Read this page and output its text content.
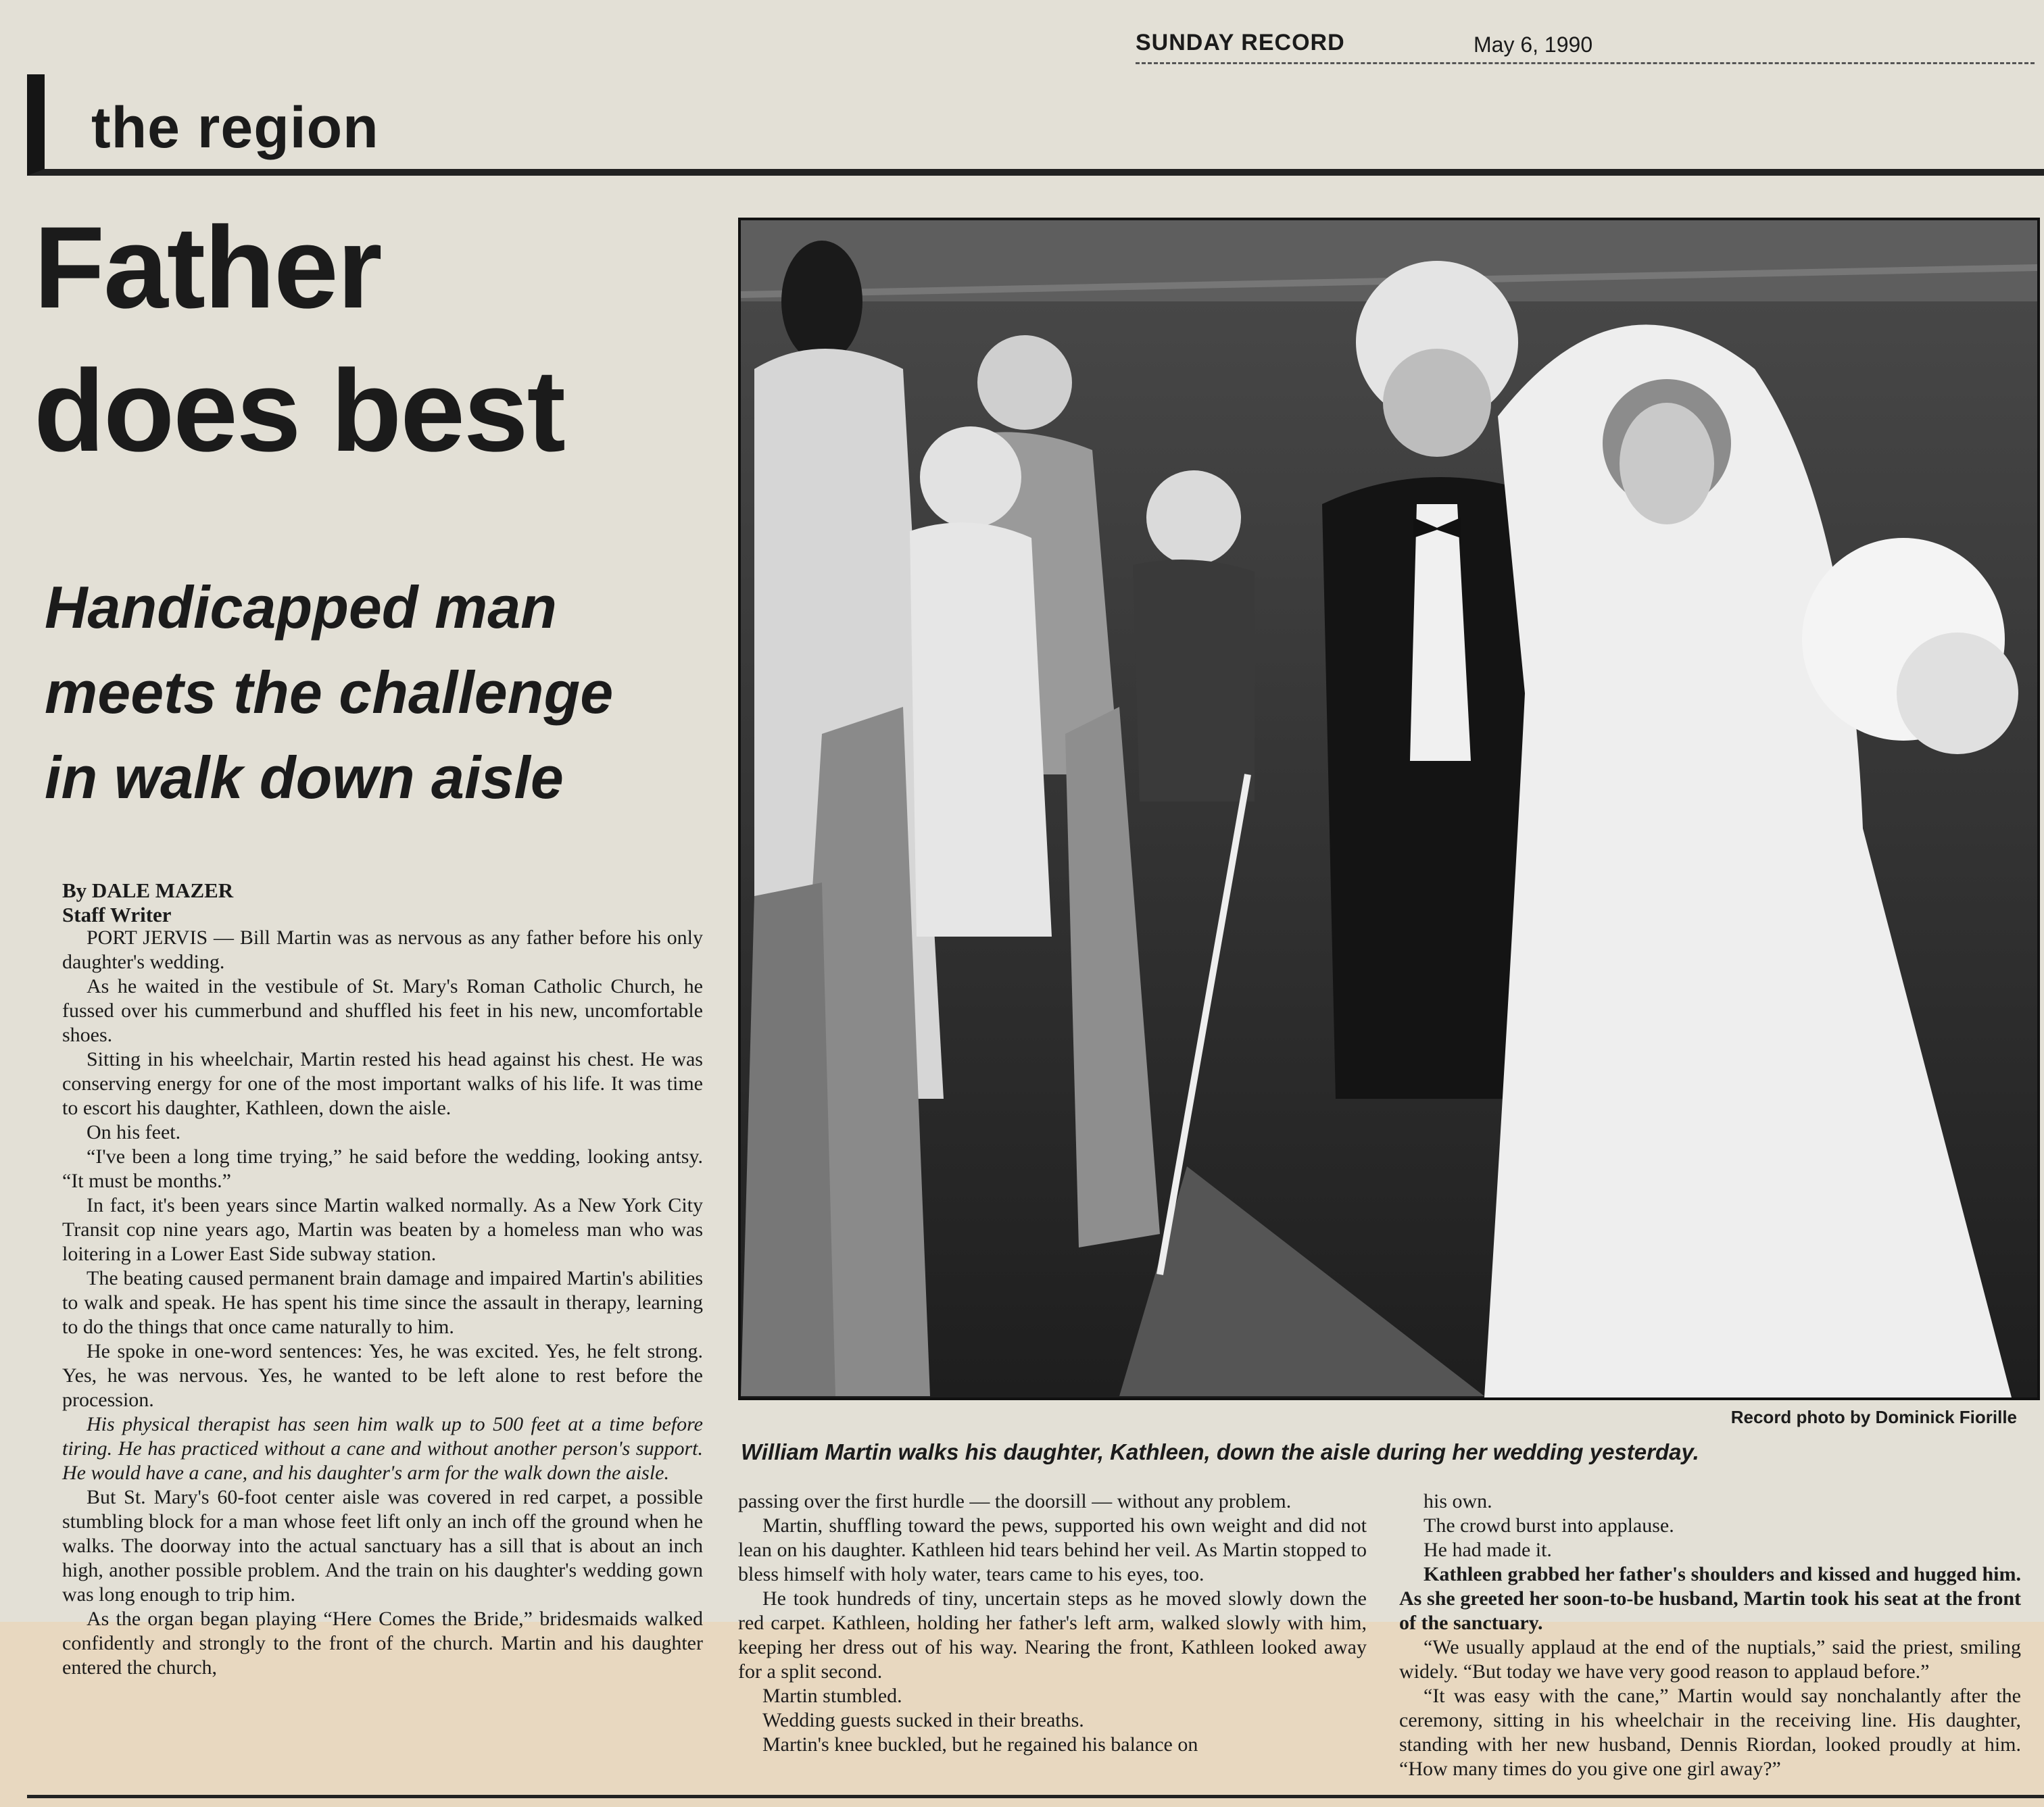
SUNDAY RECORD	May 6, 1990
the region
Father
does best
Handicapped man
meets the challenge
in walk down aisle
Record photo by Dominick Fiorille
William Martin walks his daughter, Kathleen, down the aisle during her wedding yesterday.
By DALE MAZER
Staff Writer

PORT JERVIS — Bill Martin was as nervous as any father before his only daughter's wedding.

As he waited in the vestibule of St. Mary's Roman Catholic Church, he fussed over his cummerbund and shuffled his feet in his new, uncomfortable shoes.

Sitting in his wheelchair, Martin rested his head against his chest. He was conserving energy for one of the most important walks of his life. It was time to escort his daughter, Kathleen, down the aisle.

On his feet.

“I've been a long time trying,” he said before the wedding, looking antsy. “It must be months.”

In fact, it's been years since Martin walked normally. As a New York City Transit cop nine years ago, Martin was beaten by a homeless man who was loitering in a Lower East Side subway station.

The beating caused permanent brain damage and impaired Martin's abilities to walk and speak. He has spent his time since the assault in therapy, learning to do the things that once came naturally to him.

He spoke in one-word sentences: Yes, he was excited. Yes, he felt strong. Yes, he was nervous. Yes, he wanted to be left alone to rest before the procession.

His physical therapist has seen him walk up to 500 feet at a time before tiring. He has practiced without a cane and without another person's support. He would have a cane, and his daughter's arm for the walk down the aisle.

But St. Mary's 60-foot center aisle was covered in red carpet, a possible stumbling block for a man whose feet lift only an inch off the ground when he walks. The doorway into the actual sanctuary has a sill that is about an inch high, another possible problem. And the train on his daughter's wedding gown was long enough to trip him.

As the organ began playing “Here Comes the Bride,” bridesmaids walked confidently and strongly to the front of the church. Martin and his daughter entered the church,

passing over the first hurdle — the doorsill — without any problem.

Martin, shuffling toward the pews, supported his own weight and did not lean on his daughter. Kathleen hid tears behind her veil. As Martin stopped to bless himself with holy water, tears came to his eyes, too.

He took hundreds of tiny, uncertain steps as he moved slowly down the red carpet. Kathleen, holding her father's left arm, walked slowly with him, keeping her dress out of his way. Nearing the front, Kathleen looked away for a split second.

Martin stumbled.

Wedding guests sucked in their breaths.

Martin's knee buckled, but he regained his balance on

his own.

The crowd burst into applause.

He had made it.

Kathleen grabbed her father's shoulders and kissed and hugged him. As she greeted her soon-to-be husband, Martin took his seat at the front of the sanctuary.

“We usually applaud at the end of the nuptials,” said the priest, smiling widely. “But today we have very good reason to applaud before.”

“It was easy with the cane,” Martin would say nonchalantly after the ceremony, sitting in his wheelchair in the receiving line. His daughter, standing with her new husband, Dennis Riordan, looked proudly at him. “How many times do you give one girl away?”
